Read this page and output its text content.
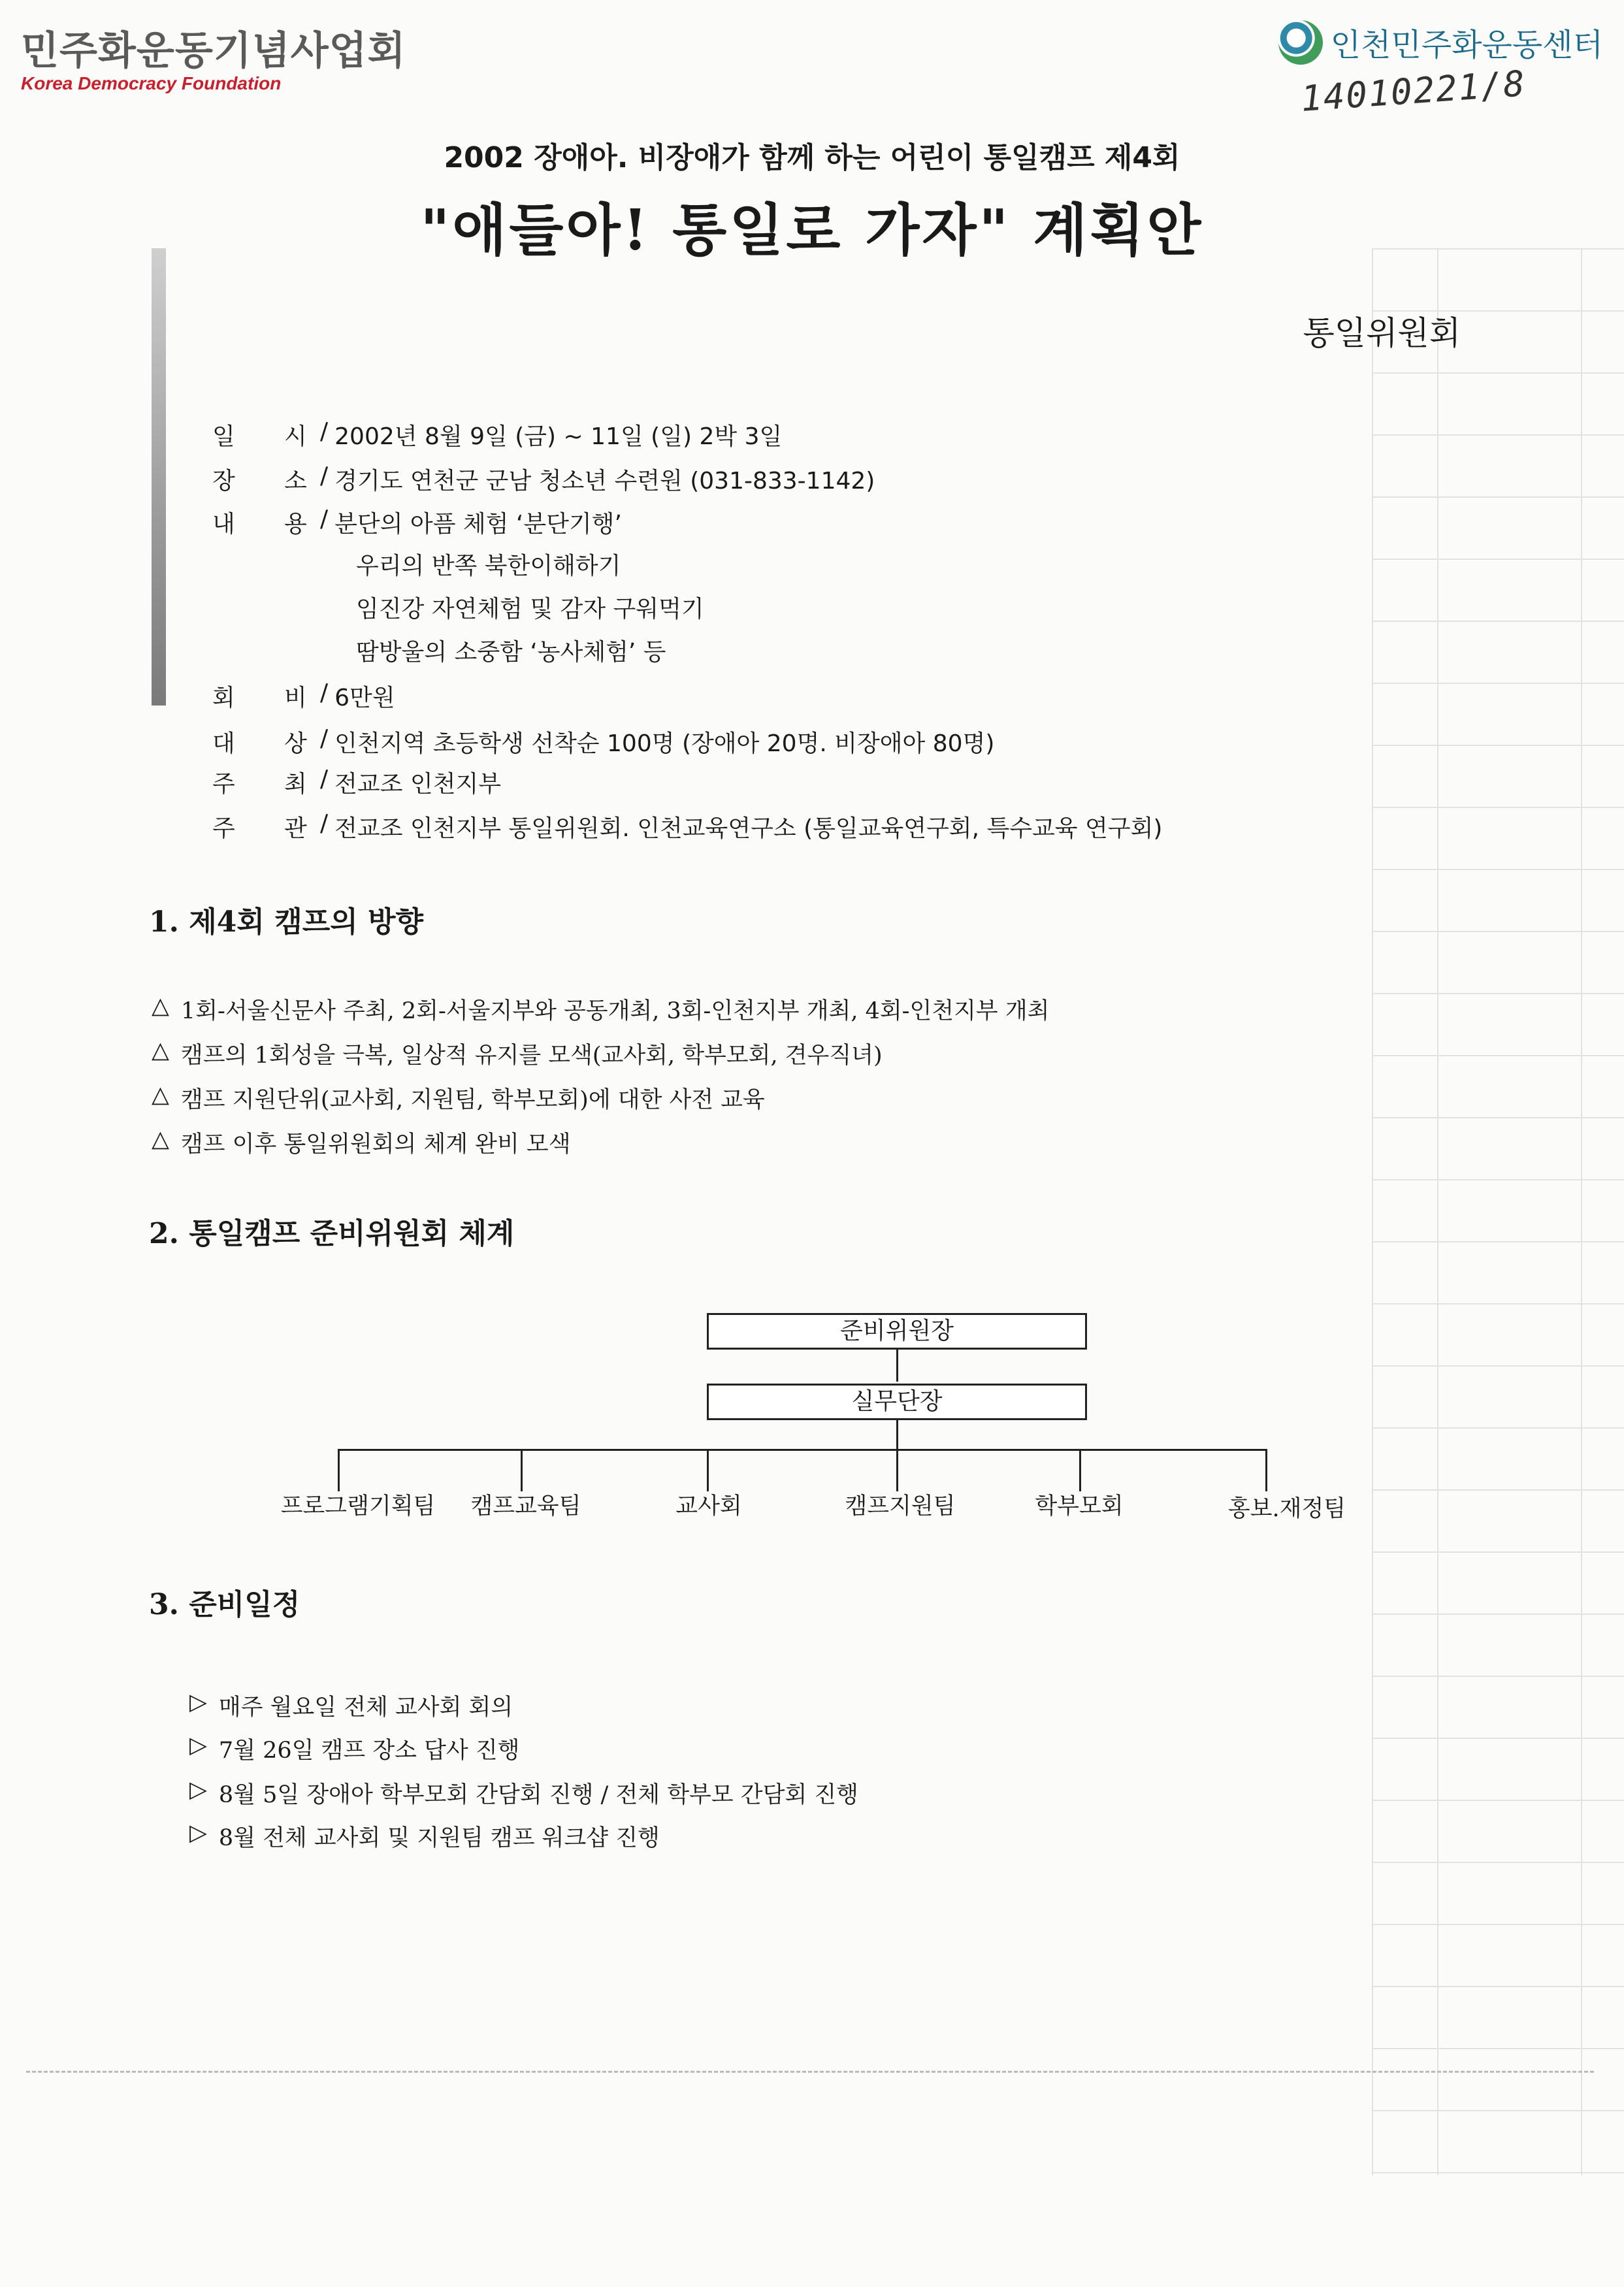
민주화운동기념사업회
Korea Democracy Foundation
인천민주화운동센터
14010221/8
2002 장애아. 비장애가 함께 하는 어린이 통일캠프 제4회
"애들아! 통일로 가자" 계획안
통일위원회
일	시 / 2002년 8월 9일 (금) ~ 11일 (일) 2박 3일
장	소 / 경기도 연천군 군남 청소년 수련원 (031-833-1142)
내	용 / 분단의 아픔 체험 ‘분단기행’
우리의 반쪽 북한이해하기
임진강 자연체험 및 감자 구워먹기
땀방울의 소중함 ‘농사체험’ 등
회	비 / 6만원
대	상 / 인천지역 초등학생 선착순 100명 (장애아 20명. 비장애아 80명)
주	최 / 전교조 인천지부
주	관 / 전교조 인천지부 통일위원회. 인천교육연구소 (통일교육연구회, 특수교육 연구회)
1. 제4회 캠프의 방향
△ 1회-서울신문사 주최, 2회-서울지부와 공동개최, 3회-인천지부 개최, 4회-인천지부 개최
△ 캠프의 1회성을 극복, 일상적 유지를 모색(교사회, 학부모회, 견우직녀)
△ 캠프 지원단위(교사회, 지원팀, 학부모회)에 대한 사전 교육
△ 캠프 이후 통일위원회의 체계 완비 모색
2. 통일캠프 준비위원회 체계
준비위원장
실무단장
프로그램기획팀 캠프교육팀	교사회	캠프지원팀	학부모회	홍보.재정팀
3. 준비일정
▷ 매주 월요일 전체 교사회 회의
▷ 7월 26일 캠프 장소 답사 진행
▷ 8월 5일 장애아 학부모회 간담회 진행 / 전체 학부모 간담회 진행
▷ 8월 전체 교사회 및 지원팀 캠프 워크샵 진행
